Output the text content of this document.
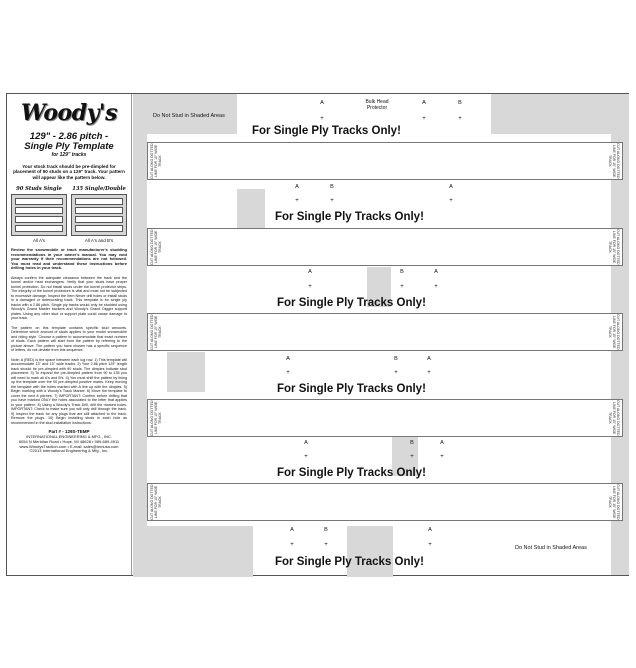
Woody's
129" - 2.86 pitch -
Single Ply Template
for 129" tracks
Your stock track should be pre-dimpled for placement of 90 studs on a 129" track. Your pattern will appear like the pattern below.
90 Studs Single
All A's
135 Single/Double
All A's and B's
Review the snowmobile or track manufacturer's studding recommendations in your owner's manual. You may void your warranty if their recommendations are not followed. You must read and understand these instructions before drilling holes in your track.
Always confirm the adequate clearance between the track and the tunnel and/or heat exchangers. Verify that your studs have proper tunnel protection. Do not install studs under the tunnel protector strips. The integrity of the tunnel protectors is vital and must not be subjected to excessive damage. Inspect the Item Never drill holes or install studs in a damaged or deteriorating track. This template is for single ply tracks with a 2.86 pitch. Single ply tracks would only be studded using Woody's Grand Master backers and Woody's Grand Digger support plates. Using any other stud or support plate could cause damage to your track.
The pattern on this template contains specific stud amounts. Determine which amount of studs applies to your model snowmobile and riding style. Choose a pattern to accommodate that exact number of studs. Each pattern will start from the pattern by referring to the picture above. The pattern you have chosen has a specific sequence of letters, do not deviate from this sequence.
Note: A (RED) is the space between each lug row. 1) This template will accommodate 13" and 15" wide tracks. 2) Your 2.86 pitch 129" length track should be pre-dimpled with 90 studs. The dimples indicate stud placement. 3) To expand the pre-dimpled pattern from 90 to 135 you will need to mark all A's and B's. 4) You must shift the pattern by lining up the template over the 90 pre-dimpled positive marks. Keep moving the template with the holes marked with A line up with the dimples. 5) Begin marking with a Woody's Track Marker. 6) Move the template to cover the next 8 pitches. 7) IMPORTANT: Confirm before drilling that you have marked ONLY the holes associated to the letter that applies to your pattern. 8) Using a Woody's Track Drill, drill the marked holes. IMPORTANT: Check to make sure you will only drill through the track. 9) Inspect the track for any plugs that are still attached to the track. Remove the plugs. 10) Begin installing studs in each hole as recommended in the stud installation instructions.
Part # - 129S-TEMP
INTERNATIONAL ENGINEERING & MFG., INC.
6054 N Meridian Road • Hope, MI 48628 • 989-689-4911
www.WoodysTraction.com • E-mail: sales@iemusa.com
©2013 International Engineering & Mfg., Inc.
Do Not Stud in Shaded Areas
Bulk Head Protector
A	A	B
+	+	+
For Single Ply Tracks Only!
CUT ALONG DOTTED LINE FOR 15" WIDE TRACK	CUT ALONG DOTTED LINE FOR 15" WIDE TRACK
A	B	A
+	+	+
For Single Ply Tracks Only!
CUT ALONG DOTTED LINE FOR 15" WIDE TRACK	CUT ALONG DOTTED LINE FOR 15" WIDE TRACK
A	B	A
+	+	+
For Single Ply Tracks Only!
CUT ALONG DOTTED LINE FOR 15" WIDE TRACK	CUT ALONG DOTTED LINE FOR 15" WIDE TRACK
A	B	A
+	+	+
For Single Ply Tracks Only!
CUT ALONG DOTTED LINE FOR 15" WIDE TRACK	CUT ALONG DOTTED LINE FOR 15" WIDE TRACK
A	B	A
+	+	+
For Single Ply Tracks Only!
CUT ALONG DOTTED LINE FOR 15" WIDE TRACK	CUT ALONG DOTTED LINE FOR 15" WIDE TRACK
A	B	A
+	+	+	Do Not Stud in Shaded Areas
For Single Ply Tracks Only!
